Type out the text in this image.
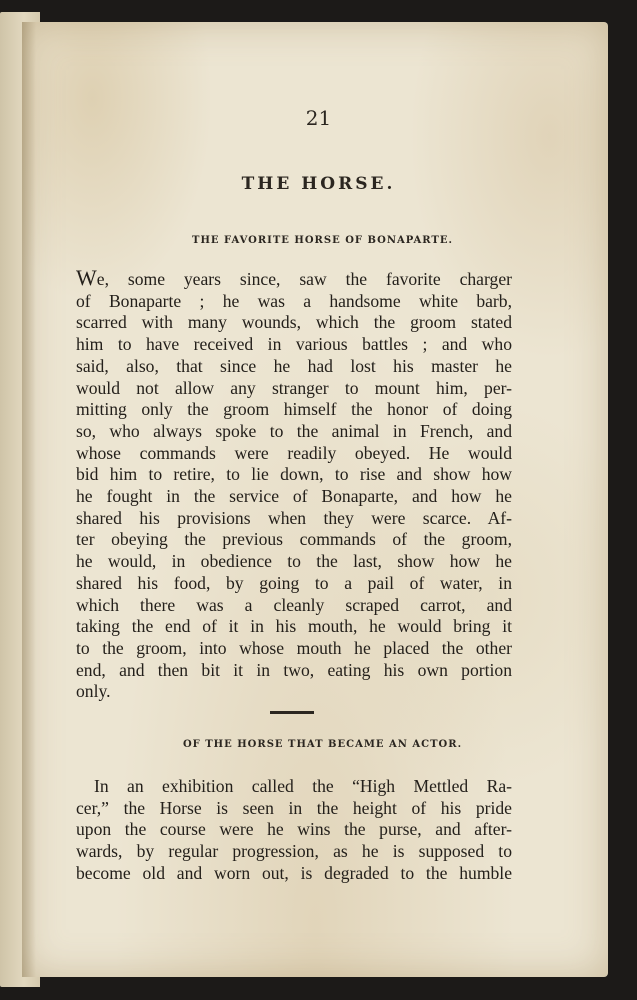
21

THE HORSE.
THE FAVORITE HORSE OF BONAPARTE.
We, some years since, saw the favorite charger
of Bonaparte ; he was a handsome white barb,
scarred with many wounds, which the groom stated
him to have received in various battles ; and who
said, also, that since he had lost his master he
would not allow any stranger to mount him, per-
mitting only the groom himself the honor of doing
so, who always spoke to the animal in French, and
whose commands were readily obeyed. He would
bid him to retire, to lie down, to rise and show how
he fought in the service of Bonaparte, and how he
shared his provisions when they were scarce. Af-
ter obeying the previous commands of the groom,
he would, in obedience to the last, show how he
shared his food, by going to a pail of water, in
which there was a cleanly scraped carrot, and
taking the end of it in his mouth, he would bring it
to the groom, into whose mouth he placed the other
end, and then bit it in two, eating his own portion
only.
OF THE HORSE THAT BECAME AN ACTOR.
In an exhibition called the “High Mettled Ra-
cer,” the Horse is seen in the height of his pride
upon the course were he wins the purse, and after-
wards, by regular progression, as he is supposed to
become old and worn out, is degraded to the humble
